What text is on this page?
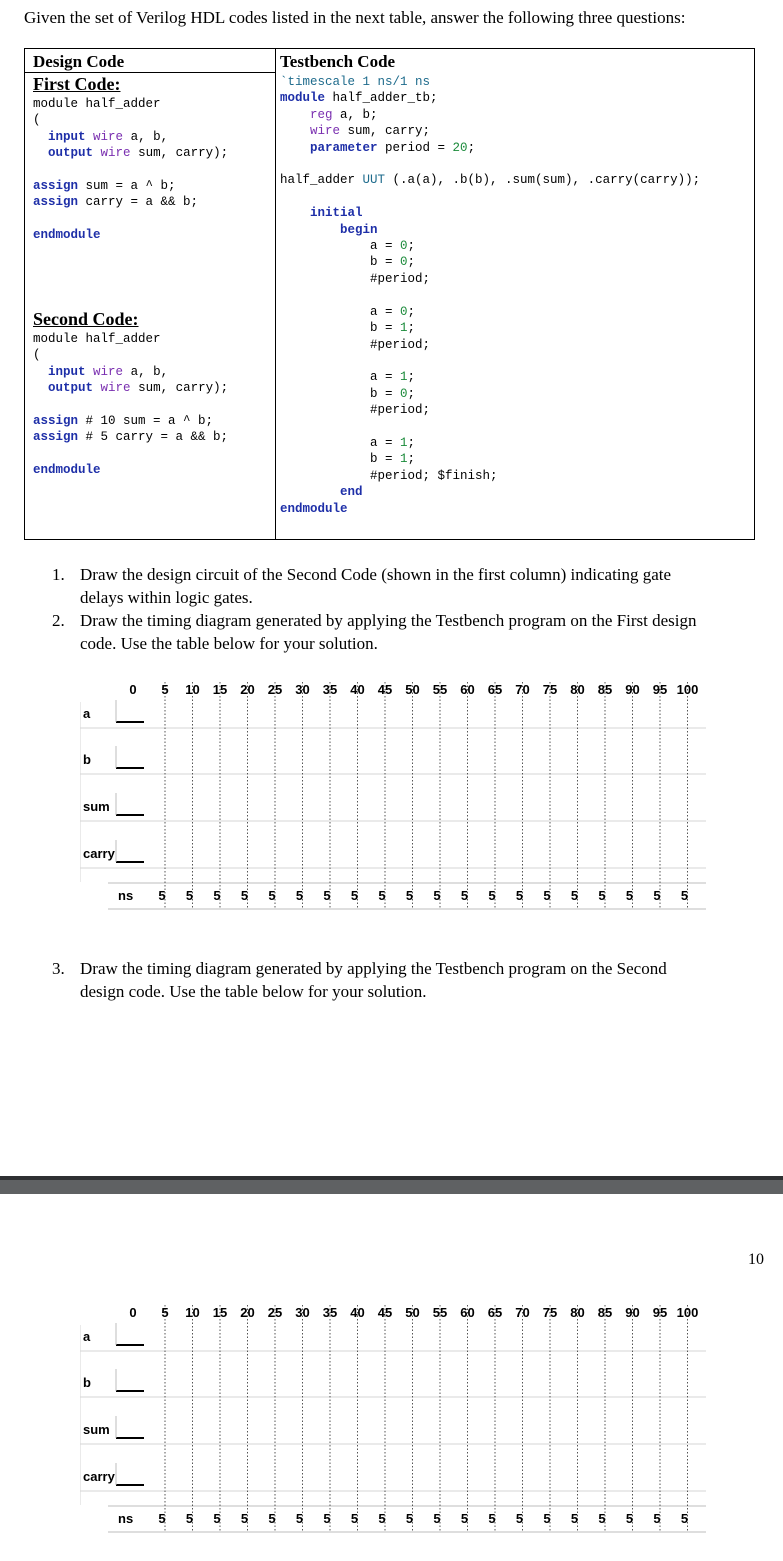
Given the set of Verilog HDL codes listed in the next table, answer the following three questions:
Design Code	Testbench Code
First Code:
module half_adder
(
input wire a, b,
output wire sum, carry);

assign sum = a ^ b;
assign carry = a && b;

endmodule
Second Code:
module half_adder
(
input wire a, b,
output wire sum, carry);

assign # 10 sum = a ^ b;
assign # 5 carry = a && b;

endmodule
`timescale 1 ns/1 ns
module half_adder_tb;
reg a, b;
wire sum, carry;
parameter period = 20;

half_adder UUT (.a(a), .b(b), .sum(sum), .carry(carry));

initial
begin
a = 0;
b = 0;
#period;

a = 0;
b = 1;
#period;

a = 1;
b = 0;
#period;

a = 1;
b = 1;
#period; $finish;
end
endmodule
1. Draw the design circuit of the Second Code (shown in the first column) indicating gate
delays within logic gates.
2. Draw the timing diagram generated by applying the Testbench program on the First design
code. Use the table below for your solution.
0	5	10	15	20	25	30	35	40	45	50	55	60	65	70	75	80	85	90	95 100
a
b
sum
carry
ns	5	5	5	5	5	5	5	5	5	5	5	5	5	5	5	5	5	5	5	5
3. Draw the timing diagram generated by applying the Testbench program on the Second
design code. Use the table below for your solution.
10
0	5	10	15	20	25	30	35	40	45	50	55	60	65	70	75	80	85	90	95 100
a
b
sum
carry
ns	5	5	5	5	5	5	5	5	5	5	5	5	5	5	5	5	5	5	5	5
